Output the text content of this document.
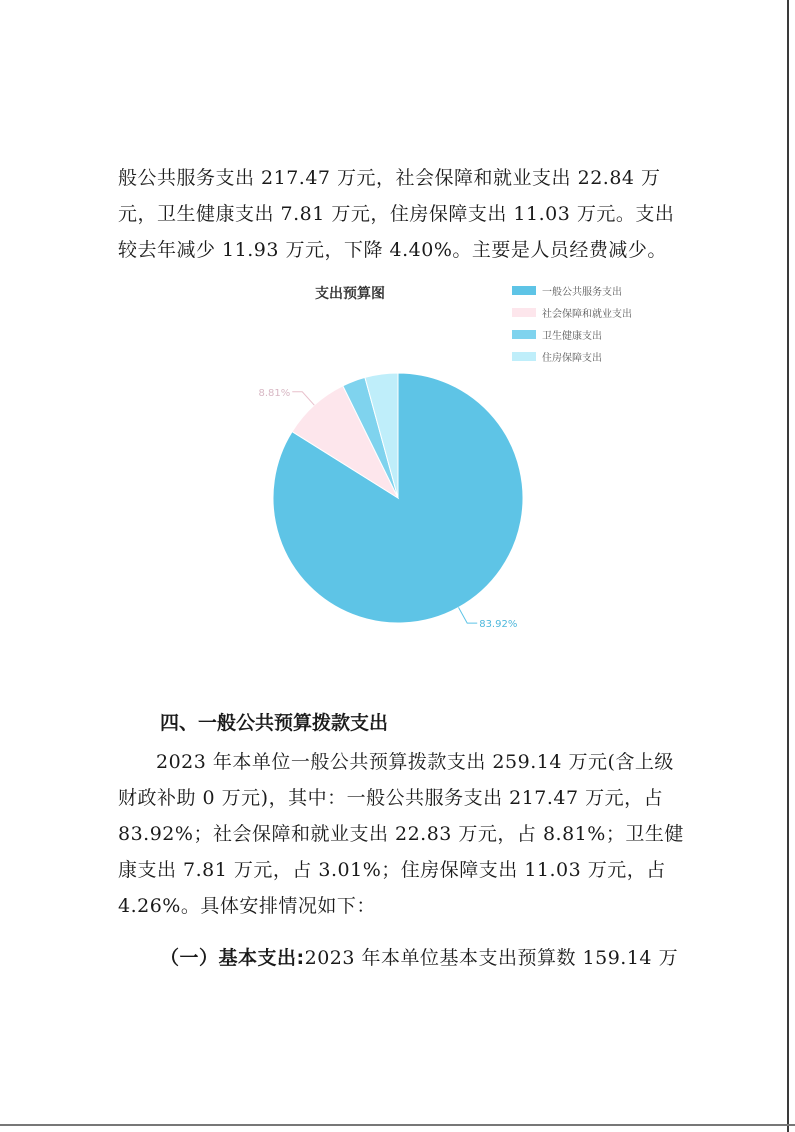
般公共服务支出 217.47 万元，社会保障和就业支出 22.84 万元，卫生健康支出 7.81 万元，住房保障支出 11.03 万元。支出较去年减少 11.93 万元，下降 4.40%。主要是人员经费减少。

支出预算图
83.92%
8.81%
一般公共服务支出
社会保障和就业支出
卫生健康支出
住房保障支出
四、一般公共预算拨款支出

2023 年本单位一般公共预算拨款支出 259.14 万元(含上级财政补助 0 万元)，其中：一般公共服务支出 217.47 万元，占 83.92%；社会保障和就业支出 22.83 万元，占 8.81%；卫生健康支出 7.81 万元，占 3.01%；住房保障支出 11.03 万元，占 4.26%。具体安排情况如下：

（一）基本支出:2023 年本单位基本支出预算数 159.14 万
